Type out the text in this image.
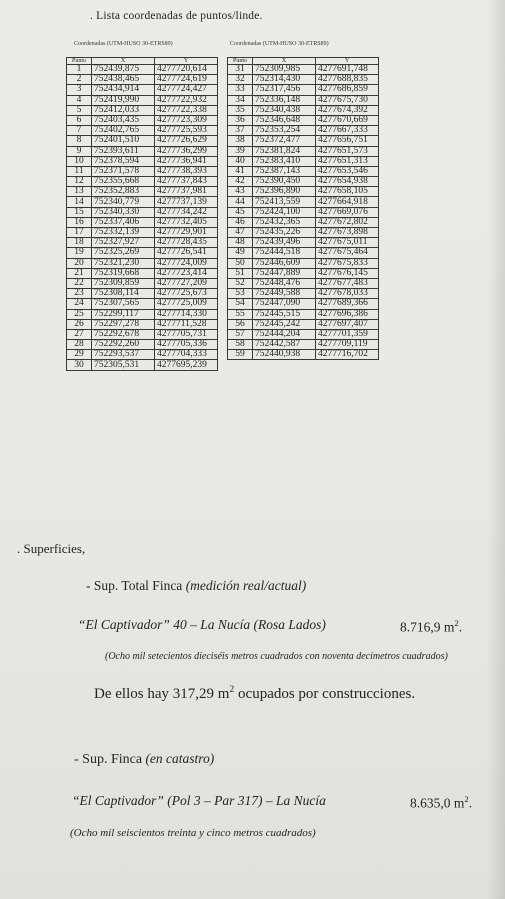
. Lista coordenadas de puntos/linde.
Coordenadas (UTM-HUSO 30-ETRS89)	Coordenadas (UTM-HUSO 30-ETRS89)
Punto	X	Y
1	752439,875	4277720,614
2	752438,465	4277724,619
3	752434,914	4277724,427
4	752419,990	4277722,932
5	752412,033	4277722,338
6	752403,435	4277723,309
7	752402,765	4277725,593
8	752401,510	4277726,629
9	752393,611	4277736,299
10	752378,594	4277736,941
11	752371,578	4277738,393
12	752355,668	4277737,843
13	752352,883	4277737,981
14	752340,779	4277737,139
15	752340,330	4277734,242
16	752337,406	4277732,405
17	752332,139	4277729,901
18	752327,927	4277728,435
19	752325,269	4277726,541
20	752321,230	4277724,009
21	752319,668	4277723,414
22	752309,859	4277727,209
23	752308,114	4277725,673
24	752307,565	4277725,009
25	752299,117	4277714,330
26	752297,278	4277711,528
27	752292,678	4277705,731
28	752292,260	4277705,336
29	752293,537	4277704,333
30	752305,531	4277695,239
Punto	X	Y
31	752309,985	4277691,748
32	752314,430	4277688,835
33	752317,456	4277686,859
34	752336,148	4277675,730
35	752340,438	4277674,392
36	752346,648	4277670,669
37	752353,254	4277667,333
38	752372,477	4277656,751
39	752381,824	4277651,573
40	752383,410	4277651,313
41	752387,143	4277653,546
42	752390,450	4277654,938
43	752396,890	4277658,105
44	752413,559	4277664,918
45	752424,100	4277669,076
46	752432,365	4277672,802
47	752435,226	4277673,898
48	752439,496	4277675,011
49	752444,518	4277675,464
50	752446,609	4277675,833
51	752447,889	4277676,145
52	752448,476	4277677,483
53	752449,588	4277678,033
54	752447,090	4277689,366
55	752445,515	4277696,386
56	752445,242	4277697,407
57	752444,204	4277701,359
58	752442,587	4277709,119
59	752440,938	4277716,702
. Superficies,
- Sup. Total Finca (medición real/actual)
“El Captivador” 40 – La Nucía (Rosa Lados)	8.716,9 $m^2$.
(Ocho mil setecientos dieciséis metros cuadrados con noventa decímetros cuadrados)
De ellos hay 317,29 $m^2$ ocupados por construcciones.
- Sup. Finca (en catastro)
“El Captivador” (Pol 3 – Par 317) – La Nucía	8.635,0 $m^2$.
(Ocho mil seiscientos treinta y cinco metros cuadrados)
